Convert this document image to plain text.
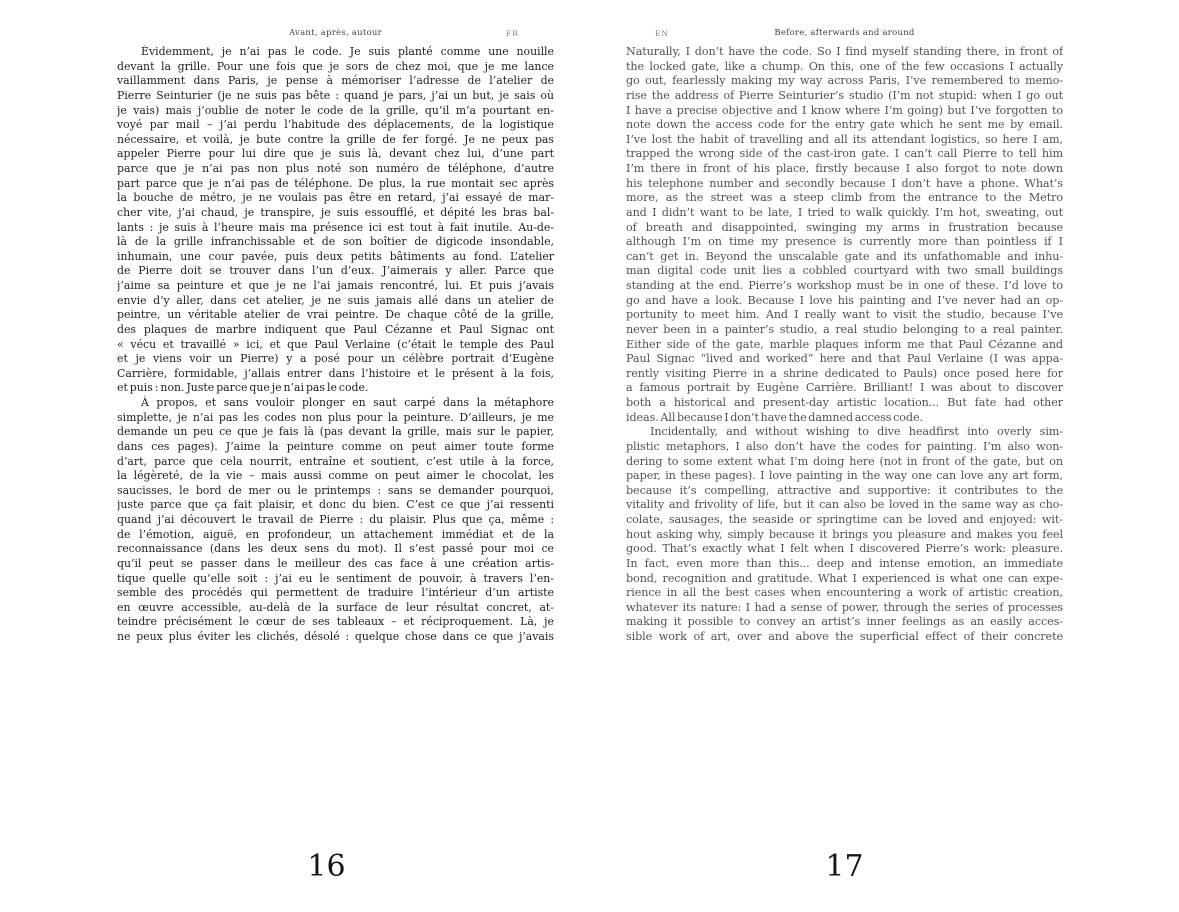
Avant, après, autour	FR	EN	Before, afterwards and around
Évidemment, je n’ai pas le code. Je suis planté comme une nouille
devant la grille. Pour une fois que je sors de chez moi, que je me lance
vaillamment dans Paris, je pense à mémoriser l’adresse de l’atelier de
Pierre Seinturier (je ne suis pas bête : quand je pars, j’ai un but, je sais où
je vais) mais j’oublie de noter le code de la grille, qu’il m’a pourtant en-
voyé par mail – j’ai perdu l’habitude des déplacements, de la logistique
nécessaire, et voilà, je bute contre la grille de fer forgé. Je ne peux pas
appeler Pierre pour lui dire que je suis là, devant chez lui, d’une part
parce que je n’ai pas non plus noté son numéro de téléphone, d’autre
part parce que je n’ai pas de téléphone. De plus, la rue montait sec après
la bouche de métro, je ne voulais pas être en retard, j’ai essayé de mar-
cher vite, j’ai chaud, je transpire, je suis essoufflé, et dépité les bras bal-
lants : je suis à l’heure mais ma présence ici est tout à fait inutile. Au-de-
là de la grille infranchissable et de son boîtier de digicode insondable,
inhumain, une cour pavée, puis deux petits bâtiments au fond. L’atelier
de Pierre doit se trouver dans l’un d’eux. J’aimerais y aller. Parce que
j’aime sa peinture et que je ne l’ai jamais rencontré, lui. Et puis j’avais
envie d’y aller, dans cet atelier, je ne suis jamais allé dans un atelier de
peintre, un véritable atelier de vrai peintre. De chaque côté de la grille,
des plaques de marbre indiquent que Paul Cézanne et Paul Signac ont
« vécu et travaillé » ici, et que Paul Verlaine (c’était le temple des Paul
et je viens voir un Pierre) y a posé pour un célèbre portrait d’Eugène
Carrière, formidable, j’allais entrer dans l’histoire et le présent à la fois,
et puis : non. Juste parce que je n’ai pas le code.
À propos, et sans vouloir plonger en saut carpé dans la métaphore
simplette, je n’ai pas les codes non plus pour la peinture. D’ailleurs, je me
demande un peu ce que je fais là (pas devant la grille, mais sur le papier,
dans ces pages). J’aime la peinture comme on peut aimer toute forme
d’art, parce que cela nourrit, entraîne et soutient, c’est utile à la force,
la légèreté, de la vie – mais aussi comme on peut aimer le chocolat, les
saucisses, le bord de mer ou le printemps : sans se demander pourquoi,
juste parce que ça fait plaisir, et donc du bien. C’est ce que j’ai ressenti
quand j’ai découvert le travail de Pierre : du plaisir. Plus que ça, même :
de l’émotion, aiguë, en profondeur, un attachement immédiat et de la
reconnaissance (dans les deux sens du mot). Il s’est passé pour moi ce
qu’il peut se passer dans le meilleur des cas face à une création artis-
tique quelle qu’elle soit : j’ai eu le sentiment de pouvoir, à travers l’en-
semble des procédés qui permettent de traduire l’intérieur d’un artiste
en œuvre accessible, au-delà de la surface de leur résultat concret, at-
teindre précisément le cœur de ses tableaux – et réciproquement. Là, je
ne peux plus éviter les clichés, désolé : quelque chose dans ce que j’avais
Naturally, I don’t have the code. So I find myself standing there, in front of
the locked gate, like a chump. On this, one of the few occasions I actually
go out, fearlessly making my way across Paris, I’ve remembered to memo-
rise the address of Pierre Seinturier’s studio (I’m not stupid: when I go out
I have a precise objective and I know where I’m going) but I’ve forgotten to
note down the access code for the entry gate which he sent me by email.
I’ve lost the habit of travelling and all its attendant logistics, so here I am,
trapped the wrong side of the cast-iron gate. I can’t call Pierre to tell him
I’m there in front of his place, firstly because I also forgot to note down
his telephone number and secondly because I don’t have a phone. What’s
more, as the street was a steep climb from the entrance to the Metro
and I didn’t want to be late, I tried to walk quickly. I’m hot, sweating, out
of breath and disappointed, swinging my arms in frustration because
although I’m on time my presence is currently more than pointless if I
can’t get in. Beyond the unscalable gate and its unfathomable and inhu-
man digital code unit lies a cobbled courtyard with two small buildings
standing at the end. Pierre’s workshop must be in one of these. I’d love to
go and have a look. Because I love his painting and I’ve never had an op-
portunity to meet him. And I really want to visit the studio, because I’ve
never been in a painter’s studio, a real studio belonging to a real painter.
Either side of the gate, marble plaques inform me that Paul Cézanne and
Paul Signac “lived and worked” here and that Paul Verlaine (I was appa-
rently visiting Pierre in a shrine dedicated to Pauls) once posed here for
a famous portrait by Eugène Carrière. Brilliant! I was about to discover
both a historical and present-day artistic location... But fate had other
ideas. All because I don’t have the damned access code.
Incidentally, and without wishing to dive headfirst into overly sim-
plistic metaphors, I also don’t have the codes for painting. I’m also won-
dering to some extent what I’m doing here (not in front of the gate, but on
paper, in these pages). I love painting in the way one can love any art form,
because it’s compelling, attractive and supportive: it contributes to the
vitality and frivolity of life, but it can also be loved in the same way as cho-
colate, sausages, the seaside or springtime can be loved and enjoyed: wit-
hout asking why, simply because it brings you pleasure and makes you feel
good. That’s exactly what I felt when I discovered Pierre’s work: pleasure.
In fact, even more than this... deep and intense emotion, an immediate
bond, recognition and gratitude. What I experienced is what one can expe-
rience in all the best cases when encountering a work of artistic creation,
whatever its nature: I had a sense of power, through the series of processes
making it possible to convey an artist’s inner feelings as an easily acces-
sible work of art, over and above the superficial effect of their concrete
16	17
